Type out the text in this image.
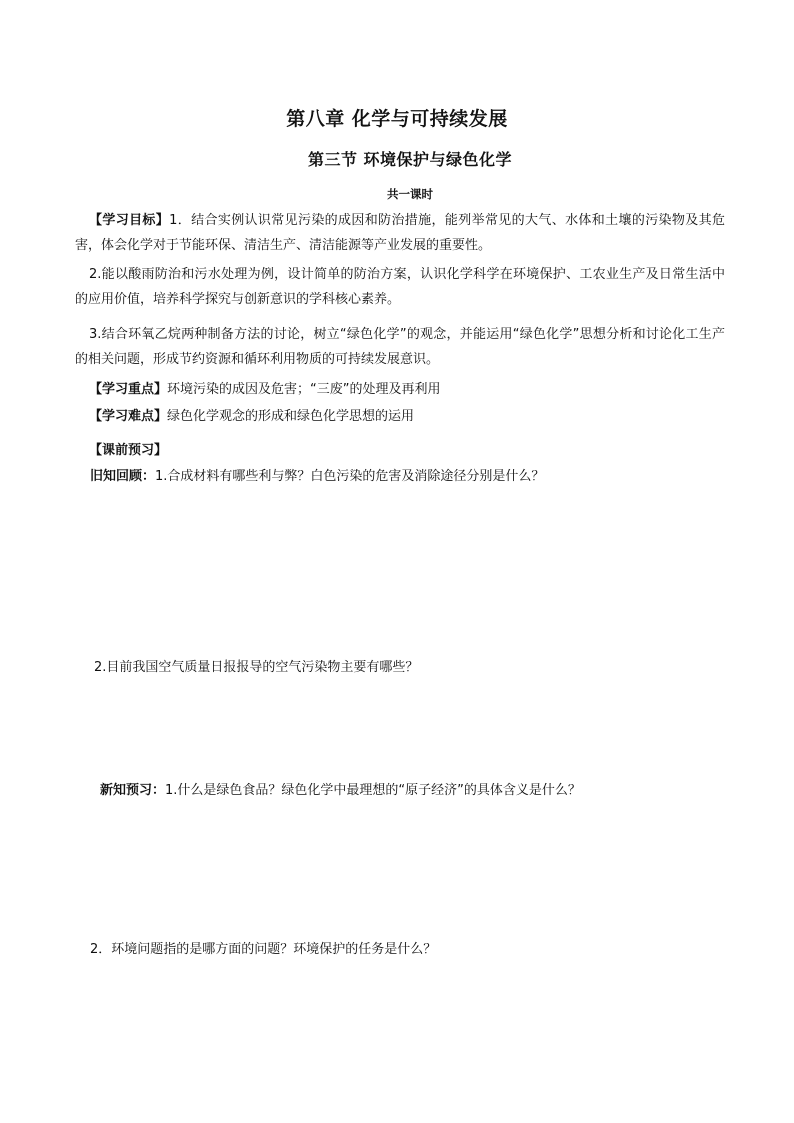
第八章 化学与可持续发展
第三节 环境保护与绿色化学
共一课时
【学习目标】1．结合实例认识常见污染的成因和防治措施，能列举常见的大气、水体和土壤的污染物及其危害，体会化学对于节能环保、清洁生产、清洁能源等产业发展的重要性。
2.能以酸雨防治和污水处理为例，设计简单的防治方案，认识化学科学在环境保护、工农业生产及日常生活中的应用价值，培养科学探究与创新意识的学科核心素养。
3.结合环氧乙烷两种制备方法的讨论，树立“绿色化学”的观念，并能运用“绿色化学”思想分析和讨论化工生产的相关问题，形成节约资源和循环利用物质的可持续发展意识。
【学习重点】环境污染的成因及危害；“三废”的处理及再利用
【学习难点】绿色化学观念的形成和绿色化学思想的运用
【课前预习】
旧知回顾：1.合成材料有哪些利与弊？白色污染的危害及消除途径分别是什么？
2.目前我国空气质量日报报导的空气污染物主要有哪些？
新知预习：1.什么是绿色食品？绿色化学中最理想的“原子经济”的具体含义是什么？
2．环境问题指的是哪方面的问题？环境保护的任务是什么？
